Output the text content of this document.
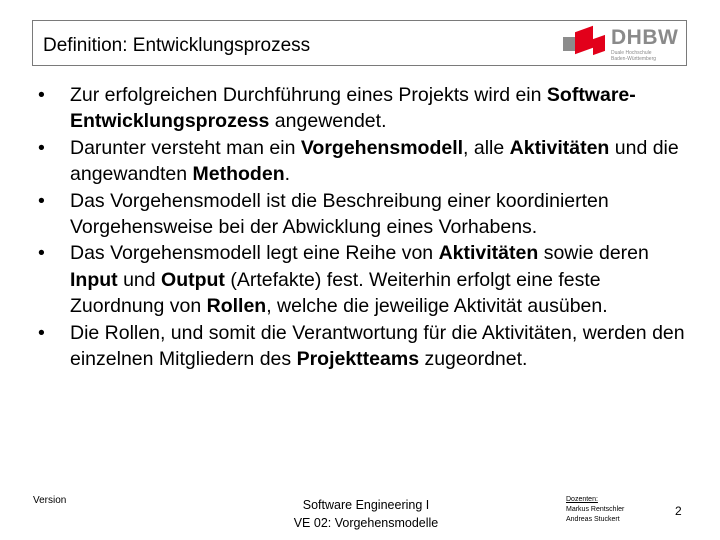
Definition: Entwicklungsprozess	DHBW
Duale Hochschule
Baden-Württemberg
• Zur erfolgreichen Durchführung eines Projekts wird ein Software-Entwicklungsprozess angewendet.
• Darunter versteht man ein Vorgehensmodell, alle Aktivitäten und die angewandten Methoden.
• Das Vorgehensmodell ist die Beschreibung einer koordinierten Vorgehensweise bei der Abwicklung eines Vorhabens.
• Das Vorgehensmodell legt eine Reihe von Aktivitäten sowie deren Input und Output (Artefakte) fest. Weiterhin erfolgt eine feste Zuordnung von Rollen, welche die jeweilige Aktivität ausüben.
• Die Rollen, und somit die Verantwortung für die Aktivitäten, werden den einzelnen Mitgliedern des Projektteams zugeordnet.
Version	Software Engineering I
VE 02: Vorgehensmodelle
Dozenten:
Markus Rentschler
Andreas Stuckert
2
